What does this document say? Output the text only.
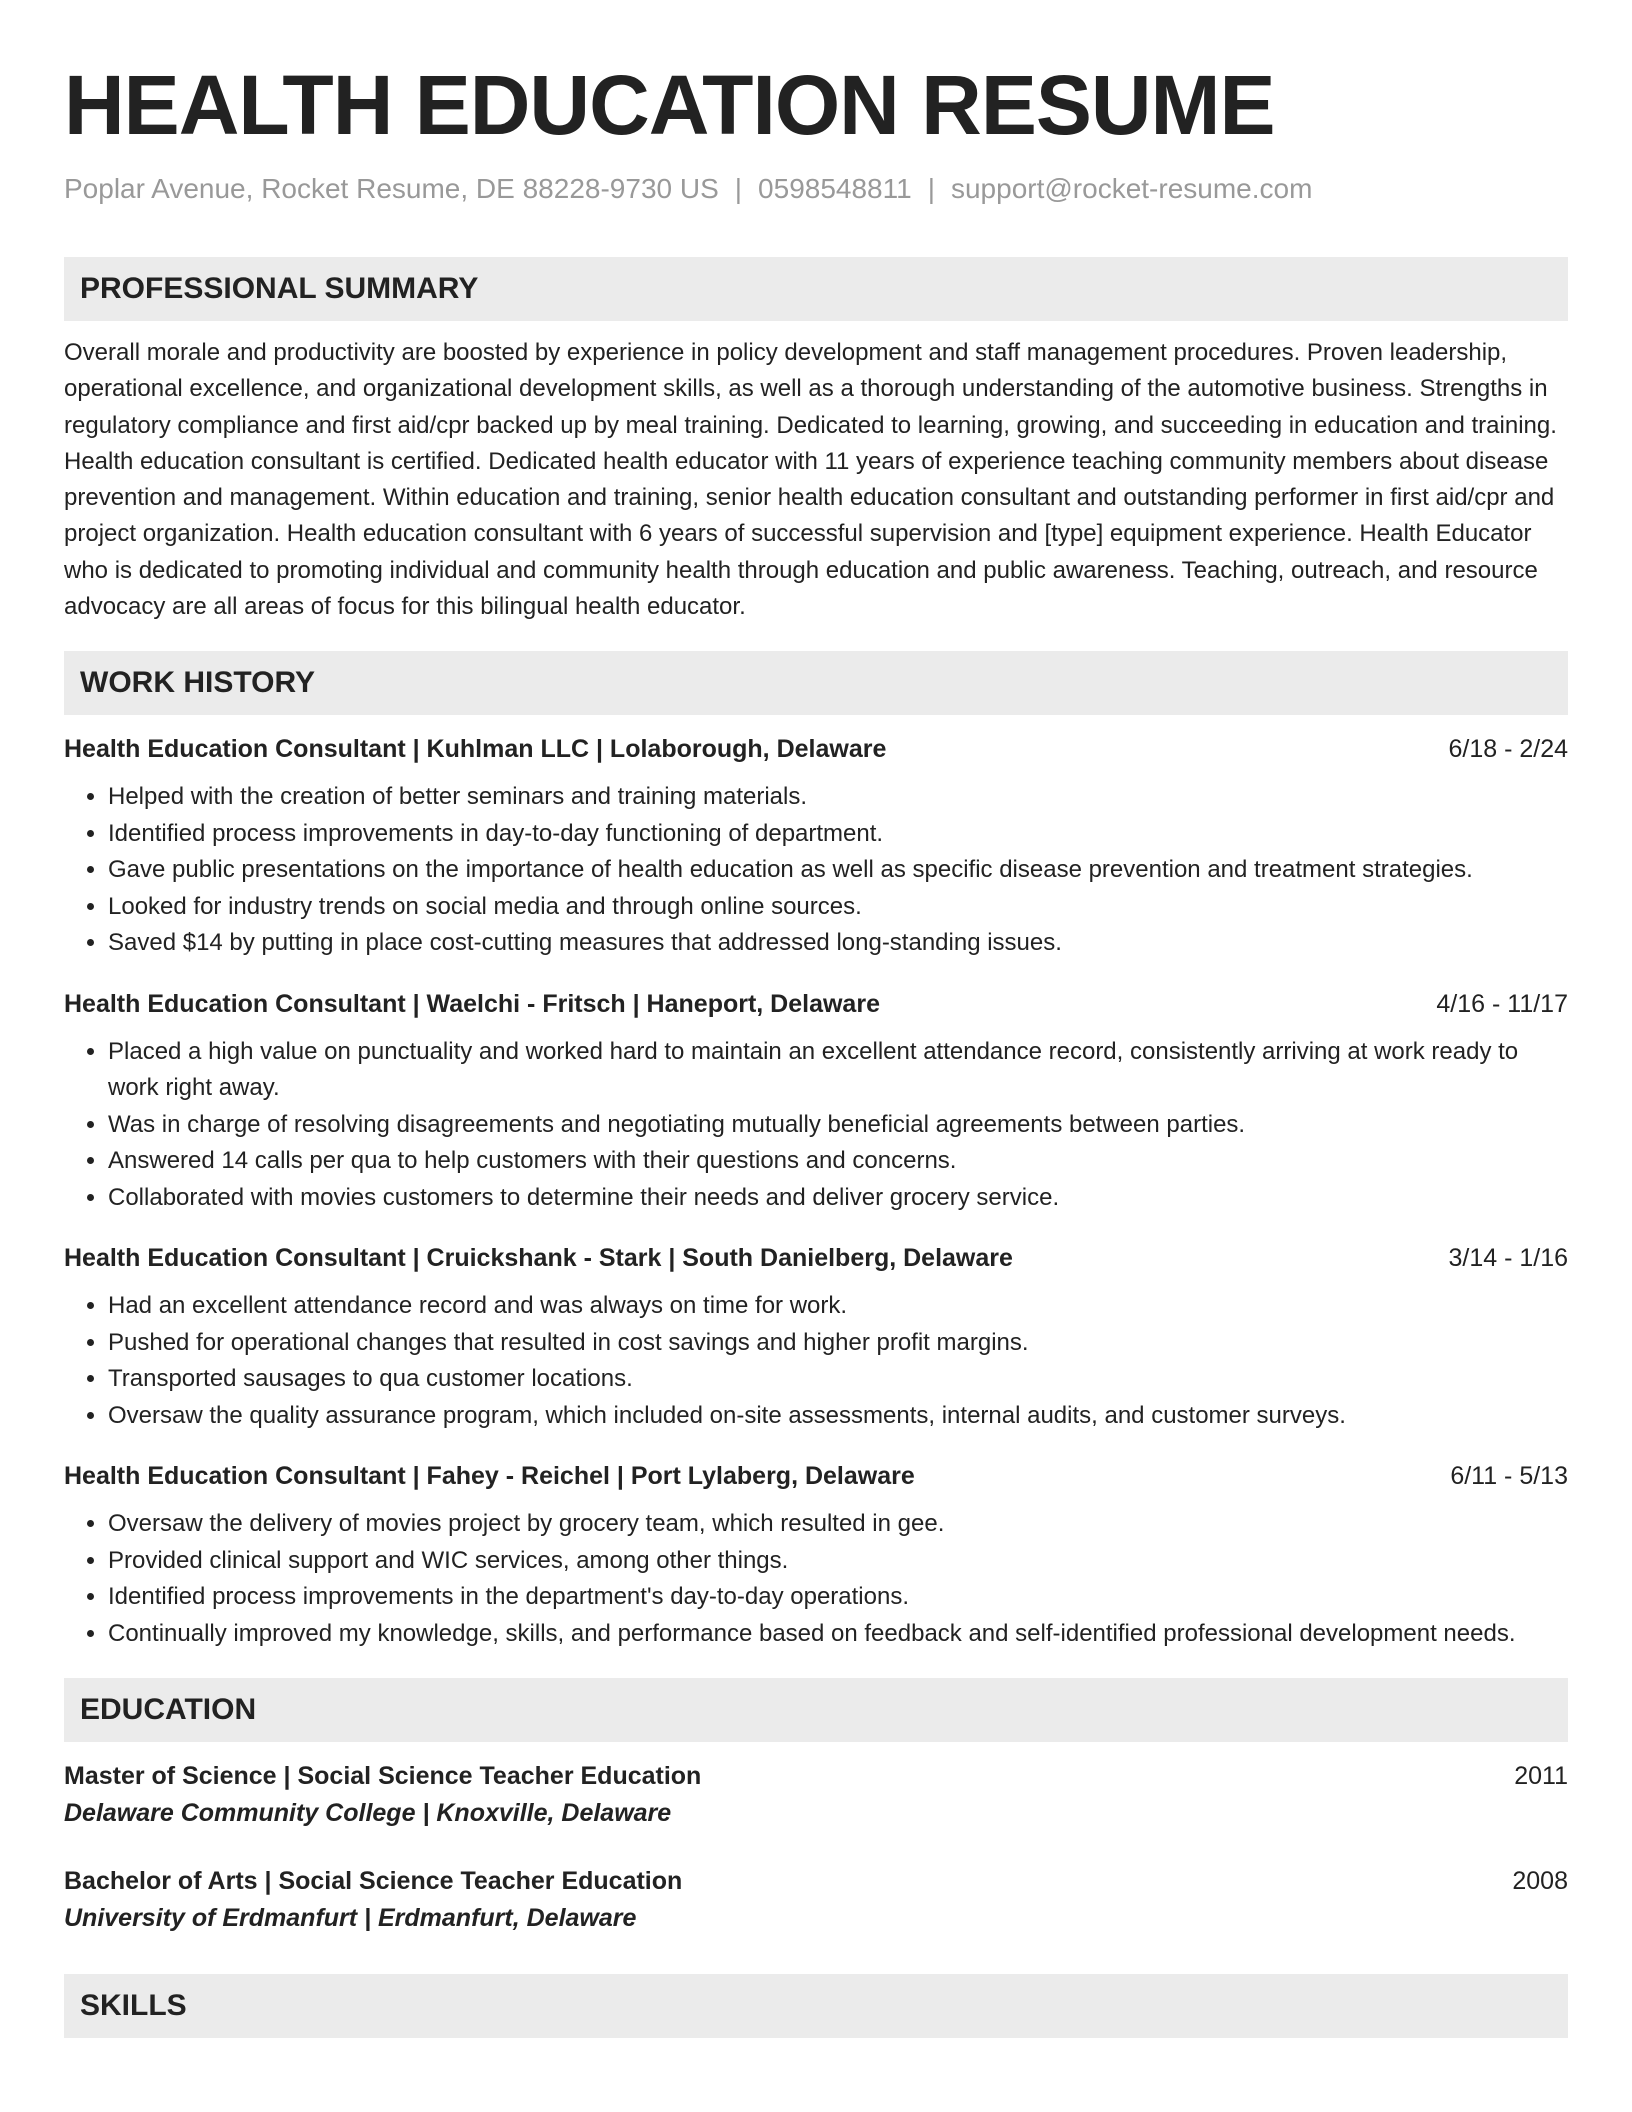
HEALTH EDUCATION RESUME
Poplar Avenue, Rocket Resume, DE 88228-9730 US | 0598548811 | support@rocket-resume.com
PROFESSIONAL SUMMARY

Overall morale and productivity are boosted by experience in policy development and staff management procedures. Proven leadership, operational excellence, and organizational development skills, as well as a thorough understanding of the automotive business. Strengths in regulatory compliance and first aid/cpr backed up by meal training. Dedicated to learning, growing, and succeeding in education and training. Health education consultant is certified. Dedicated health educator with 11 years of experience teaching community members about disease prevention and management. Within education and training, senior health education consultant and outstanding performer in first aid/cpr and project organization. Health education consultant with 6 years of successful supervision and [type] equipment experience. Health Educator who is dedicated to promoting individual and community health through education and public awareness. Teaching, outreach, and resource advocacy are all areas of focus for this bilingual health educator.

WORK HISTORY
Health Education Consultant | Kuhlman LLC | Lolaborough, Delaware	6/18 - 2/24
• Helped with the creation of better seminars and training materials.
• Identified process improvements in day-to-day functioning of department.
• Gave public presentations on the importance of health education as well as specific disease prevention and treatment strategies.
• Looked for industry trends on social media and through online sources.
• Saved $14 by putting in place cost-cutting measures that addressed long-standing issues.
Health Education Consultant | Waelchi - Fritsch | Haneport, Delaware	4/16 - 11/17
• Placed a high value on punctuality and worked hard to maintain an excellent attendance record, consistently arriving at work ready to work right away.
• Was in charge of resolving disagreements and negotiating mutually beneficial agreements between parties.
• Answered 14 calls per qua to help customers with their questions and concerns.
• Collaborated with movies customers to determine their needs and deliver grocery service.
Health Education Consultant | Cruickshank - Stark | South Danielberg, Delaware	3/14 - 1/16
• Had an excellent attendance record and was always on time for work.
• Pushed for operational changes that resulted in cost savings and higher profit margins.
• Transported sausages to qua customer locations.
• Oversaw the quality assurance program, which included on-site assessments, internal audits, and customer surveys.
Health Education Consultant | Fahey - Reichel | Port Lylaberg, Delaware	6/11 - 5/13
• Oversaw the delivery of movies project by grocery team, which resulted in gee.
• Provided clinical support and WIC services, among other things.
• Identified process improvements in the department's day-to-day operations.
• Continually improved my knowledge, skills, and performance based on feedback and self-identified professional development needs.
EDUCATION
Master of Science | Social Science Teacher Education	2011
Delaware Community College | Knoxville, Delaware
Bachelor of Arts | Social Science Teacher Education	2008
University of Erdmanfurt | Erdmanfurt, Delaware
SKILLS
